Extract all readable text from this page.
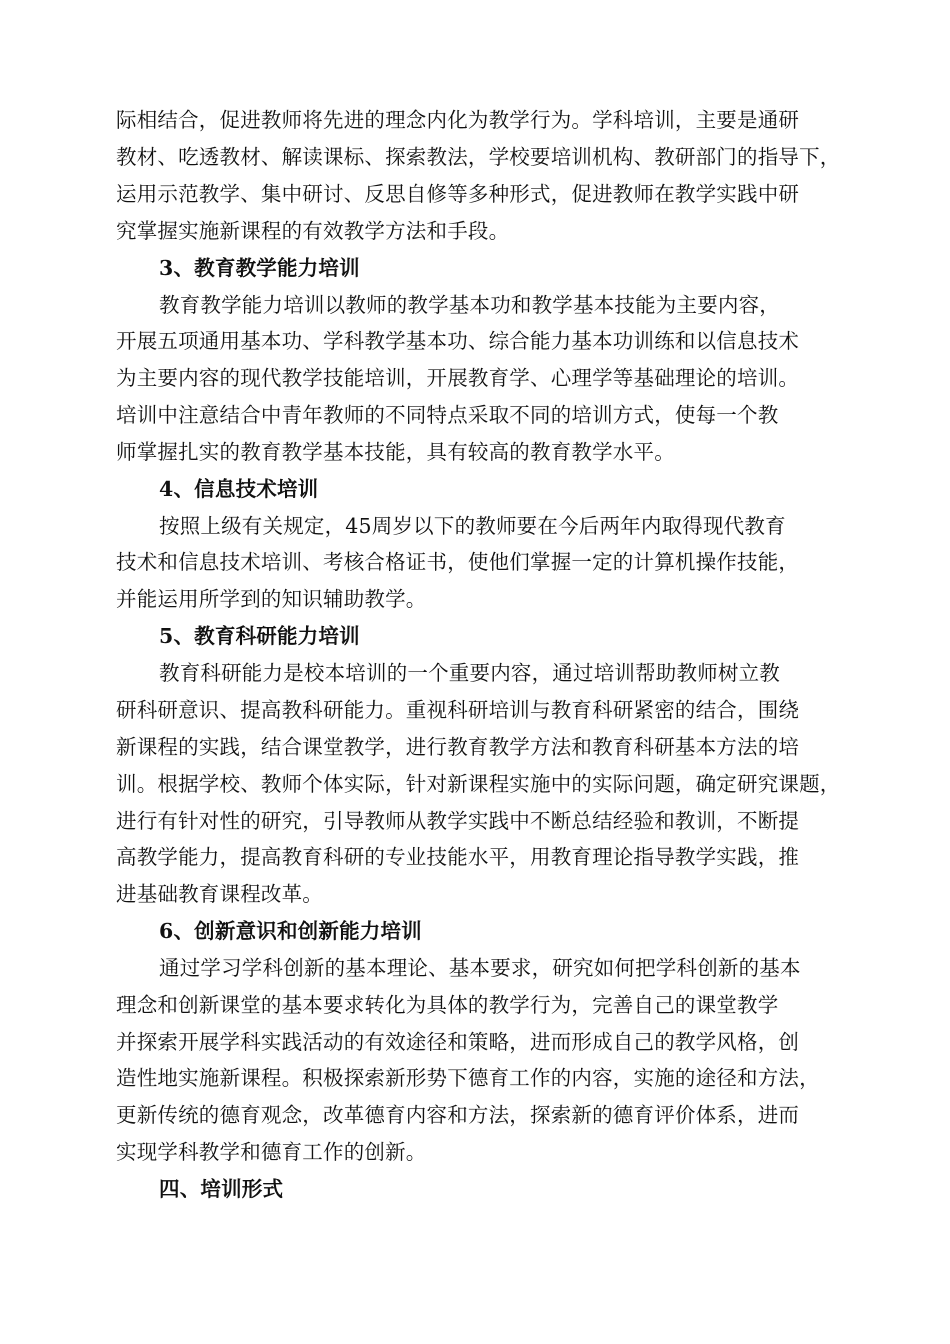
际相结合，促进教师将先进的理念内化为教学行为。学科培训，主要是通研
教材、吃透教材、解读课标、探索教法，学校要培训机构、教研部门的指导下，
运用示范教学、集中研讨、反思自修等多种形式，促进教师在教学实践中研
究掌握实施新课程的有效教学方法和手段。
3、教育教学能力培训
教育教学能力培训以教师的教学基本功和教学基本技能为主要内容，
开展五项通用基本功、学科教学基本功、综合能力基本功训练和以信息技术
为主要内容的现代教学技能培训，开展教育学、心理学等基础理论的培训。
培训中注意结合中青年教师的不同特点采取不同的培训方式，使每一个教
师掌握扎实的教育教学基本技能，具有较高的教育教学水平。
4、信息技术培训
按照上级有关规定，45周岁以下的教师要在今后两年内取得现代教育
技术和信息技术培训、考核合格证书，使他们掌握一定的计算机操作技能，
并能运用所学到的知识辅助教学。
5、教育科研能力培训
教育科研能力是校本培训的一个重要内容，通过培训帮助教师树立教
研科研意识、提高教科研能力。重视科研培训与教育科研紧密的结合，围绕
新课程的实践，结合课堂教学，进行教育教学方法和教育科研基本方法的培
训。根据学校、教师个体实际，针对新课程实施中的实际问题，确定研究课题，
进行有针对性的研究，引导教师从教学实践中不断总结经验和教训，不断提
高教学能力，提高教育科研的专业技能水平，用教育理论指导教学实践，推
进基础教育课程改革。
6、创新意识和创新能力培训
通过学习学科创新的基本理论、基本要求，研究如何把学科创新的基本
理念和创新课堂的基本要求转化为具体的教学行为，完善自己的课堂教学
并探索开展学科实践活动的有效途径和策略，进而形成自己的教学风格，创
造性地实施新课程。积极探索新形势下德育工作的内容，实施的途径和方法，
更新传统的德育观念，改革德育内容和方法，探索新的德育评价体系，进而
实现学科教学和德育工作的创新。
四、培训形式
